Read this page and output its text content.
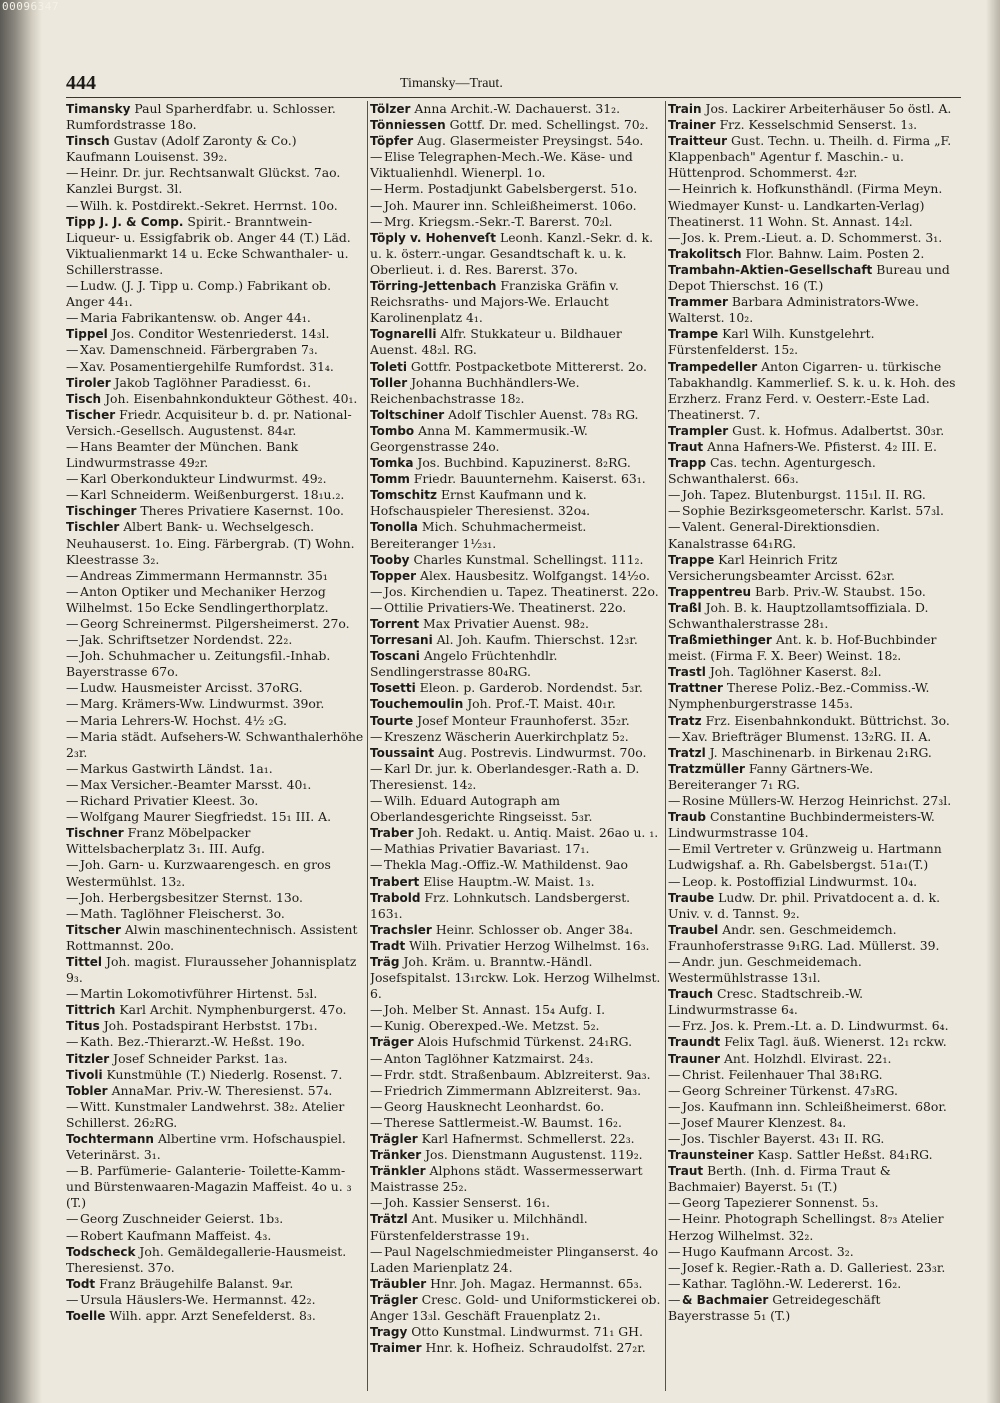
00096347
444	Timansky—Traut.

Timansky Paul Sparherdfabr. u. Schlosser. Rumfordstrasse 18o.

Tinsch Gustav (Adolf Zaronty & Co.) Kaufmann Louisenst. 39₂.

— Heinr. Dr. jur. Rechtsanwalt Glückst. 7ao. Kanzlei Burgst. 3l.

— Wilh. k. Postdirekt.-Sekret. Herrnst. 10o.

Tipp J. J. & Comp. Spirit.- Branntwein-Liqueur- u. Essigfabrik ob. Anger 44 (T.) Läd. Viktualienmarkt 14 u. Ecke Schwanthaler- u. Schillerstrasse.

— Ludw. (J. J. Tipp u. Comp.) Fabrikant ob. Anger 44₁.

— Maria Fabrikantensw. ob. Anger 44₁.

Tippel Jos. Conditor Westenriederst. 14₃l.

— Xav. Damenschneid. Färbergraben 7₃.

— Xav. Posamentiergehilfe Rumfordst. 31₄.

Tiroler Jakob Taglöhner Paradiesst. 6₁.

Tisch Joh. Eisenbahnkondukteur Göthest. 40₁.

Tischer Friedr. Acquisiteur b. d. pr. National-Versich.-Gesellsch. Augustenst. 84₄r.

— Hans Beamter der München. Bank Lindwurmstrasse 49₂r.

— Karl Oberkondukteur Lindwurmst. 49₂.

— Karl Schneiderm. Weißenburgerst. 18₁u.₂.

Tischinger Theres Privatiere Kasernst. 10o.

Tischler Albert Bank- u. Wechselgesch. Neuhauserst. 1o. Eing. Färbergrab. (T) Wohn. Kleestrasse 3₂.

— Andreas Zimmermann Hermannstr. 35₁

— Anton Optiker und Mechaniker Herzog Wilhelmst. 15o Ecke Sendlingerthorplatz.

— Georg Schreinermst. Pilgersheimerst. 27o.

— Jak. Schriftsetzer Nordendst. 22₂.

— Joh. Schuhmacher u. Zeitungsfil.-Inhab. Bayerstrasse 67o.

— Ludw. Hausmeister Arcisst. 37oRG.

— Marg. Krämers-Ww. Lindwurmst. 39or.

— Maria Lehrers-W. Hochst. 4½ ₂G.

— Maria städt. Aufsehers-W. Schwanthalerhöhe 2₃r.

— Markus Gastwirth Ländst. 1a₁.

— Max Versicher.-Beamter Marsst. 40₁.

— Richard Privatier Kleest. 3o.

— Wolfgang Maurer Siegfriedst. 15₁ III. A.

Tischner Franz Möbelpacker Wittelsbacherplatz 3₁. III. Aufg.

— Joh. Garn- u. Kurzwaarengesch. en gros Westermühlst. 13₂.

— Joh. Herbergsbesitzer Sternst. 13o.

— Math. Taglöhner Fleischerst. 3o.

Titscher Alwin maschinentechnisch. Assistent Rottmannst. 20o.

Tittel Joh. magist. Flurausseher Johannisplatz 9₃.

— Martin Lokomotivführer Hirtenst. 5₃l.

Tittrich Karl Archit. Nymphenburgerst. 47o.

Titus Joh. Postadspirant Herbstst. 17b₁.

— Kath. Bez.-Thierarzt.-W. Heßst. 19o.

Titzler Josef Schneider Parkst. 1a₃.

Tivoli Kunstmühle (T.) Niederlg. Rosenst. 7.

Tobler AnnaMar. Priv.-W. Theresienst. 57₄.

— Witt. Kunstmaler Landwehrst. 38₂. Atelier Schillerst. 26₂RG.

Tochtermann Albertine vrm. Hofschauspiel. Veterinärst. 3₁.

— B. Parfümerie- Galanterie- Toilette-Kamm- und Bürstenwaaren-Magazin Maffeist. 4o u. ₃ (T.)

— Georg Zuschneider Geierst. 1b₃.

— Robert Kaufmann Maffeist. 4₃.

Todscheck Joh. Gemäldegallerie-Hausmeist. Theresienst. 37o.

Todt Franz Bräugehilfe Balanst. 9₄r.

— Ursula Häuslers-We. Hermannst. 42₂.

Toelle Wilh. appr. Arzt Senefelderst. 8₃.

Tölzer Anna Archit.-W. Dachauerst. 31₂.

Tönniessen Gottf. Dr. med. Schellingst. 70₂.

Töpfer Aug. Glasermeister Preysingst. 54o.

— Elise Telegraphen-Mech.-We. Käse- und Viktualienhdl. Wienerpl. 1o.

— Herm. Postadjunkt Gabelsbergerst. 51o.

— Joh. Maurer inn. Schleißheimerst. 106o.

— Mrg. Kriegsm.-Sekr.-T. Barerst. 70₂l.

Töply v. Hohenveſt Leonh. Kanzl.-Sekr. d. k. u. k. österr.-ungar. Gesandtschaft k. u. k. Oberlieut. i. d. Res. Barerst. 37o.

Törring-Jettenbach Franziska Gräfin v. Reichsraths- und Majors-We. Erlaucht Karolinenplatz 4₁.

Tognarelli Alfr. Stukkateur u. Bildhauer Auenst. 48₂l. RG.

Toleti Gottfr. Postpacketbote Mittererst. 2o.

Toller Johanna Buchhändlers-We. Reichenbachstrasse 18₂.

Toltschiner Adolf Tischler Auenst. 78₃ RG.

Tombo Anna M. Kammermusik.-W. Georgenstrasse 24o.

Tomka Jos. Buchbind. Kapuzinerst. 8₂RG.

Tomm Friedr. Bauunternehm. Kaiserst. 63₁.

Tomschitz Ernst Kaufmann und k. Hofschauspieler Theresienst. 32o₄.

Tonolla Mich. Schuhmachermeist. Bereiteranger 1½₃₁.

Tooby Charles Kunstmal. Schellingst. 111₂.

Topper Alex. Hausbesitz. Wolfgangst. 14½o.

— Jos. Kirchendien u. Tapez. Theatinerst. 22o.

— Ottilie Privatiers-We. Theatinerst. 22o.

Torrent Max Privatier Auenst. 98₂.

Torresani Al. Joh. Kaufm. Thierschst. 12₃r.

Toscani Angelo Früchtenhdlr. Sendlingerstrasse 80₄RG.

Tosetti Eleon. p. Garderob. Nordendst. 5₃r.

Touchemoulin Joh. Prof.-T. Maist. 40₁r.

Tourte Josef Monteur Fraunhoferst. 35₂r.

— Kreszenz Wäscherin Auerkirchplatz 5₂.

Toussaint Aug. Postrevis. Lindwurmst. 70o.

— Karl Dr. jur. k. Oberlandesger.-Rath a. D. Theresienst. 14₂.

— Wilh. Eduard Autograph am Oberlandesgerichte Ringseisst. 5₃r.

Traber Joh. Redakt. u. Antiq. Maist. 26ao u. ₁.

— Mathias Privatier Bavariast. 17₁.

— Thekla Mag.-Offiz.-W. Mathildenst. 9ao

Trabert Elise Hauptm.-W. Maist. 1₃.

Trabold Frz. Lohnkutsch. Landsbergerst. 163₁.

Trachsler Heinr. Schlosser ob. Anger 38₄.

Tradt Wilh. Privatier Herzog Wilhelmst. 16₃.

Träg Joh. Kräm. u. Branntw.-Händl. Josefspitalst. 13₁rckw. Lok. Herzog Wilhelmst. 6.

— Joh. Melber St. Annast. 15₄ Aufg. I.

— Kunig. Oberexped.-We. Metzst. 5₂.

Träger Alois Hufschmid Türkenst. 24₁RG.

— Anton Taglöhner Katzmairst. 24₃.

— Frdr. stdt. Straßenbaum. Ablzreiterst. 9a₃.

— Friedrich Zimmermann Ablzreiterst. 9a₃.

— Georg Hausknecht Leonhardst. 6o.

— Therese Sattlermeist.-W. Baumst. 16₂.

Trägler Karl Hafnermst. Schmellerst. 22₃.

Tränker Jos. Dienstmann Augustenst. 119₂.

Tränkler Alphons städt. Wassermesserwart Maistrasse 25₂.

— Joh. Kassier Senserst. 16₁.

Trätzl Ant. Musiker u. Milchhändl. Fürstenfelderstrasse 19₁.

— Paul Nagelschmiedmeister Plinganserst. 4o Laden Marienplatz 24.

Träubler Hnr. Joh. Magaz. Hermannst. 65₃.

Trägler Cresc. Gold- und Uniformstickerei ob. Anger 13₃l. Geschäft Frauenplatz 2₁.

Tragy Otto Kunstmal. Lindwurmst. 71₁ GH.

Traimer Hnr. k. Hofheiz. Schraudolfst. 27₂r.

Train Jos. Lackirer Arbeiterhäuser 5o östl. A.

Trainer Frz. Kesselschmid Senserst. 1₃.

Traitteur Gust. Techn. u. Theilh. d. Firma „F. Klappenbach" Agentur f. Maschin.- u. Hüttenprod. Schommerst. 4₂r.

— Heinrich k. Hofkunsthändl. (Firma Meyn. Wiedmayer Kunst- u. Landkarten-Verlag) Theatinerst. 11 Wohn. St. Annast. 14₂l.

— Jos. k. Prem.-Lieut. a. D. Schommerst. 3₁.

Trakolitsch Flor. Bahnw. Laim. Posten 2.

Trambahn-Aktien-Gesellschaft Bureau und Depot Thierschst. 16 (T.)

Trammer Barbara Administrators-Wwe. Walterst. 10₂.

Trampe Karl Wilh. Kunstgelehrt. Fürstenfelderst. 15₂.

Trampedeller Anton Cigarren- u. türkische Tabakhandlg. Kammerlief. S. k. u. k. Hoh. des Erzherz. Franz Ferd. v. Oesterr.-Este Lad. Theatinerst. 7.

Trampler Gust. k. Hofmus. Adalbertst. 30₃r.

Traut Anna Hafners-We. Pfisterst. 4₂ III. E.

Trapp Cas. techn. Agenturgesch. Schwanthalerst. 66₃.

— Joh. Tapez. Blutenburgst. 115₁l. II. RG.

— Sophie Bezirksgeometerschr. Karlst. 57₃l.

— Valent. General-Direktionsdien. Kanalstrasse 64₁RG.

Trappe Karl Heinrich Fritz Versicherungsbeamter Arcisst. 62₃r.

Trappentreu Barb. Priv.-W. Staubst. 15o.

Traßl Joh. B. k. Hauptzollamtsoffiziala. D. Schwanthalerstrasse 28₁.

Traßmiethinger Ant. k. b. Hof-Buchbinder meist. (Firma F. X. Beer) Weinst. 18₂.

Trastl Joh. Taglöhner Kaserst. 8₂l.

Trattner Therese Poliz.-Bez.-Commiss.-W. Nymphenburgerstrasse 145₃.

Tratz Frz. Eisenbahnkondukt. Büttrichst. 3o.

— Xav. Briefträger Blumenst. 13₂RG. II. A.

Tratzl J. Maschinenarb. in Birkenau 2₁RG.

Tratzmüller Fanny Gärtners-We. Bereiteranger 7₁ RG.

— Rosine Müllers-W. Herzog Heinrichst. 27₃l.

Traub Constantine Buchbindermeisters-W. Lindwurmstrasse 104.

— Emil Vertreter v. Grünzweig u. Hartmann Ludwigshaf. a. Rh. Gabelsbergst. 51a₁(T.)

— Leop. k. Postoffizial Lindwurmst. 10₄.

Traube Ludw. Dr. phil. Privatdocent a. d. k. Univ. v. d. Tannst. 9₂.

Traubel Andr. sen. Geschmeidemch. Fraunhoferstrasse 9₁RG. Lad. Müllerst. 39.

— Andr. jun. Geschmeidemach. Westermühlstrasse 13₁l.

Trauch Cresc. Stadtschreib.-W. Lindwurmstrasse 6₄.

— Frz. Jos. k. Prem.-Lt. a. D. Lindwurmst. 6₄.

Traundt Felix Tagl. äuß. Wienerst. 12₁ rckw.

Trauner Ant. Holzhdl. Elvirast. 22₁.

— Christ. Feilenhauer Thal 38₁RG.

— Georg Schreiner Türkenst. 47₃RG.

— Jos. Kaufmann inn. Schleißheimerst. 68or.

— Josef Maurer Klenzest. 8₄.

— Jos. Tischler Bayerst. 43₁ II. RG.

Traunsteiner Kasp. Sattler Heßst. 84₁RG.

Traut Berth. (Inh. d. Firma Traut & Bachmaier) Bayerst. 5₁ (T.)

— Georg Tapezierer Sonnenst. 5₃.

— Heinr. Photograph Schellingst. 8₇₃ Atelier Herzog Wilhelmst. 32₂.

— Hugo Kaufmann Arcost. 3₂.

— Josef k. Regier.-Rath a. D. Galleriest. 23₃r.

— Kathar. Taglöhn.-W. Ledererst. 16₂.

— & Bachmaier Getreidegeschäft Bayerstrasse 5₁ (T.)
